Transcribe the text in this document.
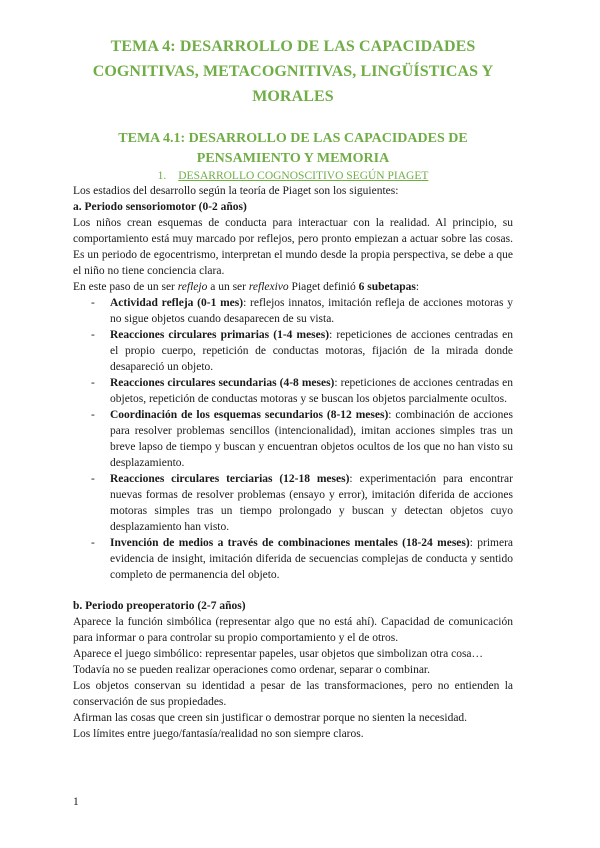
TEMA 4: DESARROLLO DE LAS CAPACIDADES COGNITIVAS, METACOGNITIVAS, LINGÜÍSTICAS Y MORALES
TEMA 4.1: DESARROLLO DE LAS CAPACIDADES DE PENSAMIENTO Y MEMORIA
1. DESARROLLO COGNOSCITIVO SEGÚN PIAGET

Los estadios del desarrollo según la teoría de Piaget son los siguientes:

a. Periodo sensoriomotor (0-2 años)

Los niños crean esquemas de conducta para interactuar con la realidad. Al principio, su comportamiento está muy marcado por reflejos, pero pronto empiezan a actuar sobre las cosas. Es un periodo de egocentrismo, interpretan el mundo desde la propia perspectiva, se debe a que el niño no tiene conciencia clara.

En este paso de un ser reflejo a un ser reflexivo Piaget definió 6 subetapas:

- Actividad refleja (0-1 mes): reflejos innatos, imitación refleja de acciones motoras y no sigue objetos cuando desaparecen de su vista.
- Reacciones circulares primarias (1-4 meses): repeticiones de acciones centradas en el propio cuerpo, repetición de conductas motoras, fijación de la mirada donde desapareció un objeto.
- Reacciones circulares secundarias (4-8 meses): repeticiones de acciones centradas en objetos, repetición de conductas motoras y se buscan los objetos parcialmente ocultos.
- Coordinación de los esquemas secundarios (8-12 meses): combinación de acciones para resolver problemas sencillos (intencionalidad), imitan acciones simples tras un breve lapso de tiempo y buscan y encuentran objetos ocultos de los que no han visto su desplazamiento.
- Reacciones circulares terciarias (12-18 meses): experimentación para encontrar nuevas formas de resolver problemas (ensayo y error), imitación diferida de acciones motoras simples tras un tiempo prolongado y buscan y detectan objetos cuyo desplazamiento han visto.
- Invención de medios a través de combinaciones mentales (18-24 meses): primera evidencia de insight, imitación diferida de secuencias complejas de conducta y sentido completo de permanencia del objeto.

b. Periodo preoperatorio (2-7 años)

Aparece la función simbólica (representar algo que no está ahí). Capacidad de comunicación para informar o para controlar su propio comportamiento y el de otros.

Aparece el juego simbólico: representar papeles, usar objetos que simbolizan otra cosa…

Todavía no se pueden realizar operaciones como ordenar, separar o combinar.

Los objetos conservan su identidad a pesar de las transformaciones, pero no entienden la conservación de sus propiedades.

Afirman las cosas que creen sin justificar o demostrar porque no sienten la necesidad.

Los límites entre juego/fantasía/realidad no son siempre claros.

1
